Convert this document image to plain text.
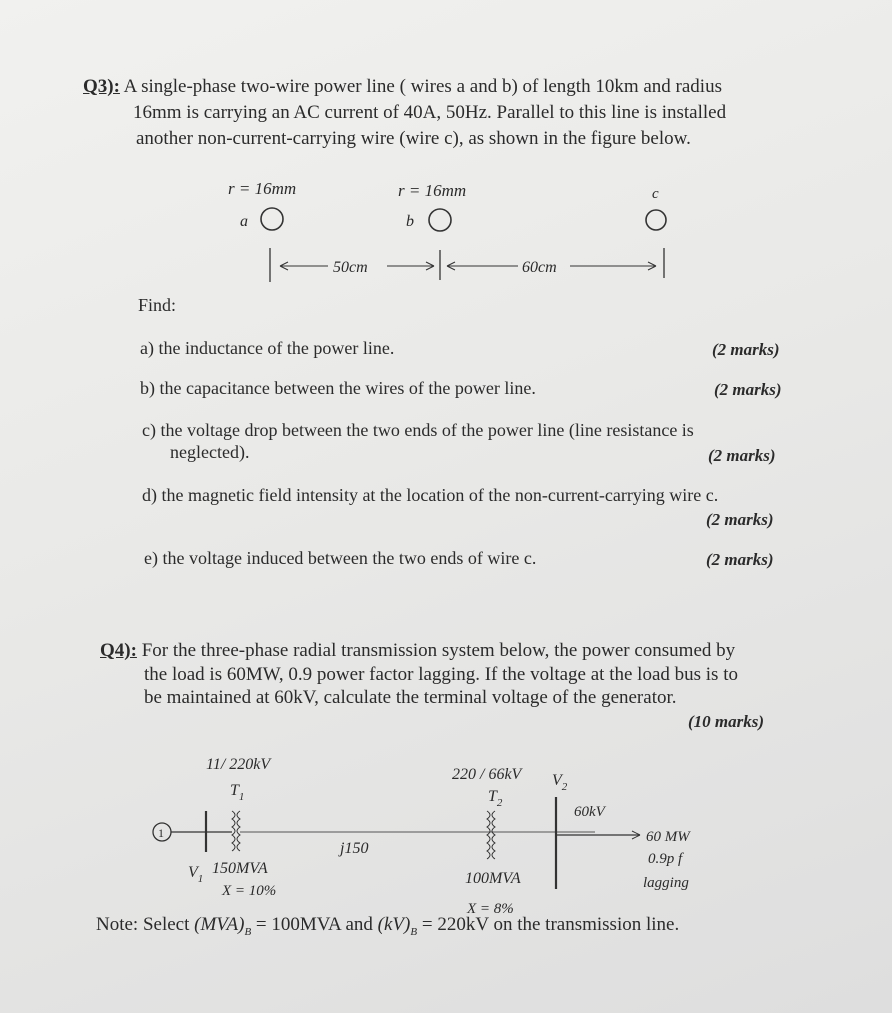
Q3): A single-phase two-wire power line ( wires a and b) of length 10km and radius
16mm is carrying an AC current of 40A, 50Hz. Parallel to this line is installed
another non-current-carrying wire (wire c), as shown in the figure below.
r = 16mm	r = 16mm
a	b
c
50cm	60cm
Find:
a) the inductance of the power line.	(2 marks)
b) the capacitance between the wires of the power line.	(2 marks)
c) the voltage drop between the two ends of the power line (line resistance is
neglected).	(2 marks)
d) the magnetic field intensity at the location of the non-current-carrying wire c.
(2 marks)
e) the voltage induced between the two ends of wire c.	(2 marks)
Q4): For the three-phase radial transmission system below, the power consumed by
the load is 60MW, 0.9 power factor lagging. If the voltage at the load bus is to
be maintained at 60kV, calculate the terminal voltage of the generator.
(10 marks)
1
11/ 220kV
$T_1$
$V_1$
150MVA
X = 10%
j150
220 / 66kV
$T_2$
$V_2$
100MVA
X = 8%
60kV
60 MW
0.9p f
lagging
Note: Select $(MVA)_B = 100MVA$ and $(kV)_B = 220kV$ on the transmission line.
